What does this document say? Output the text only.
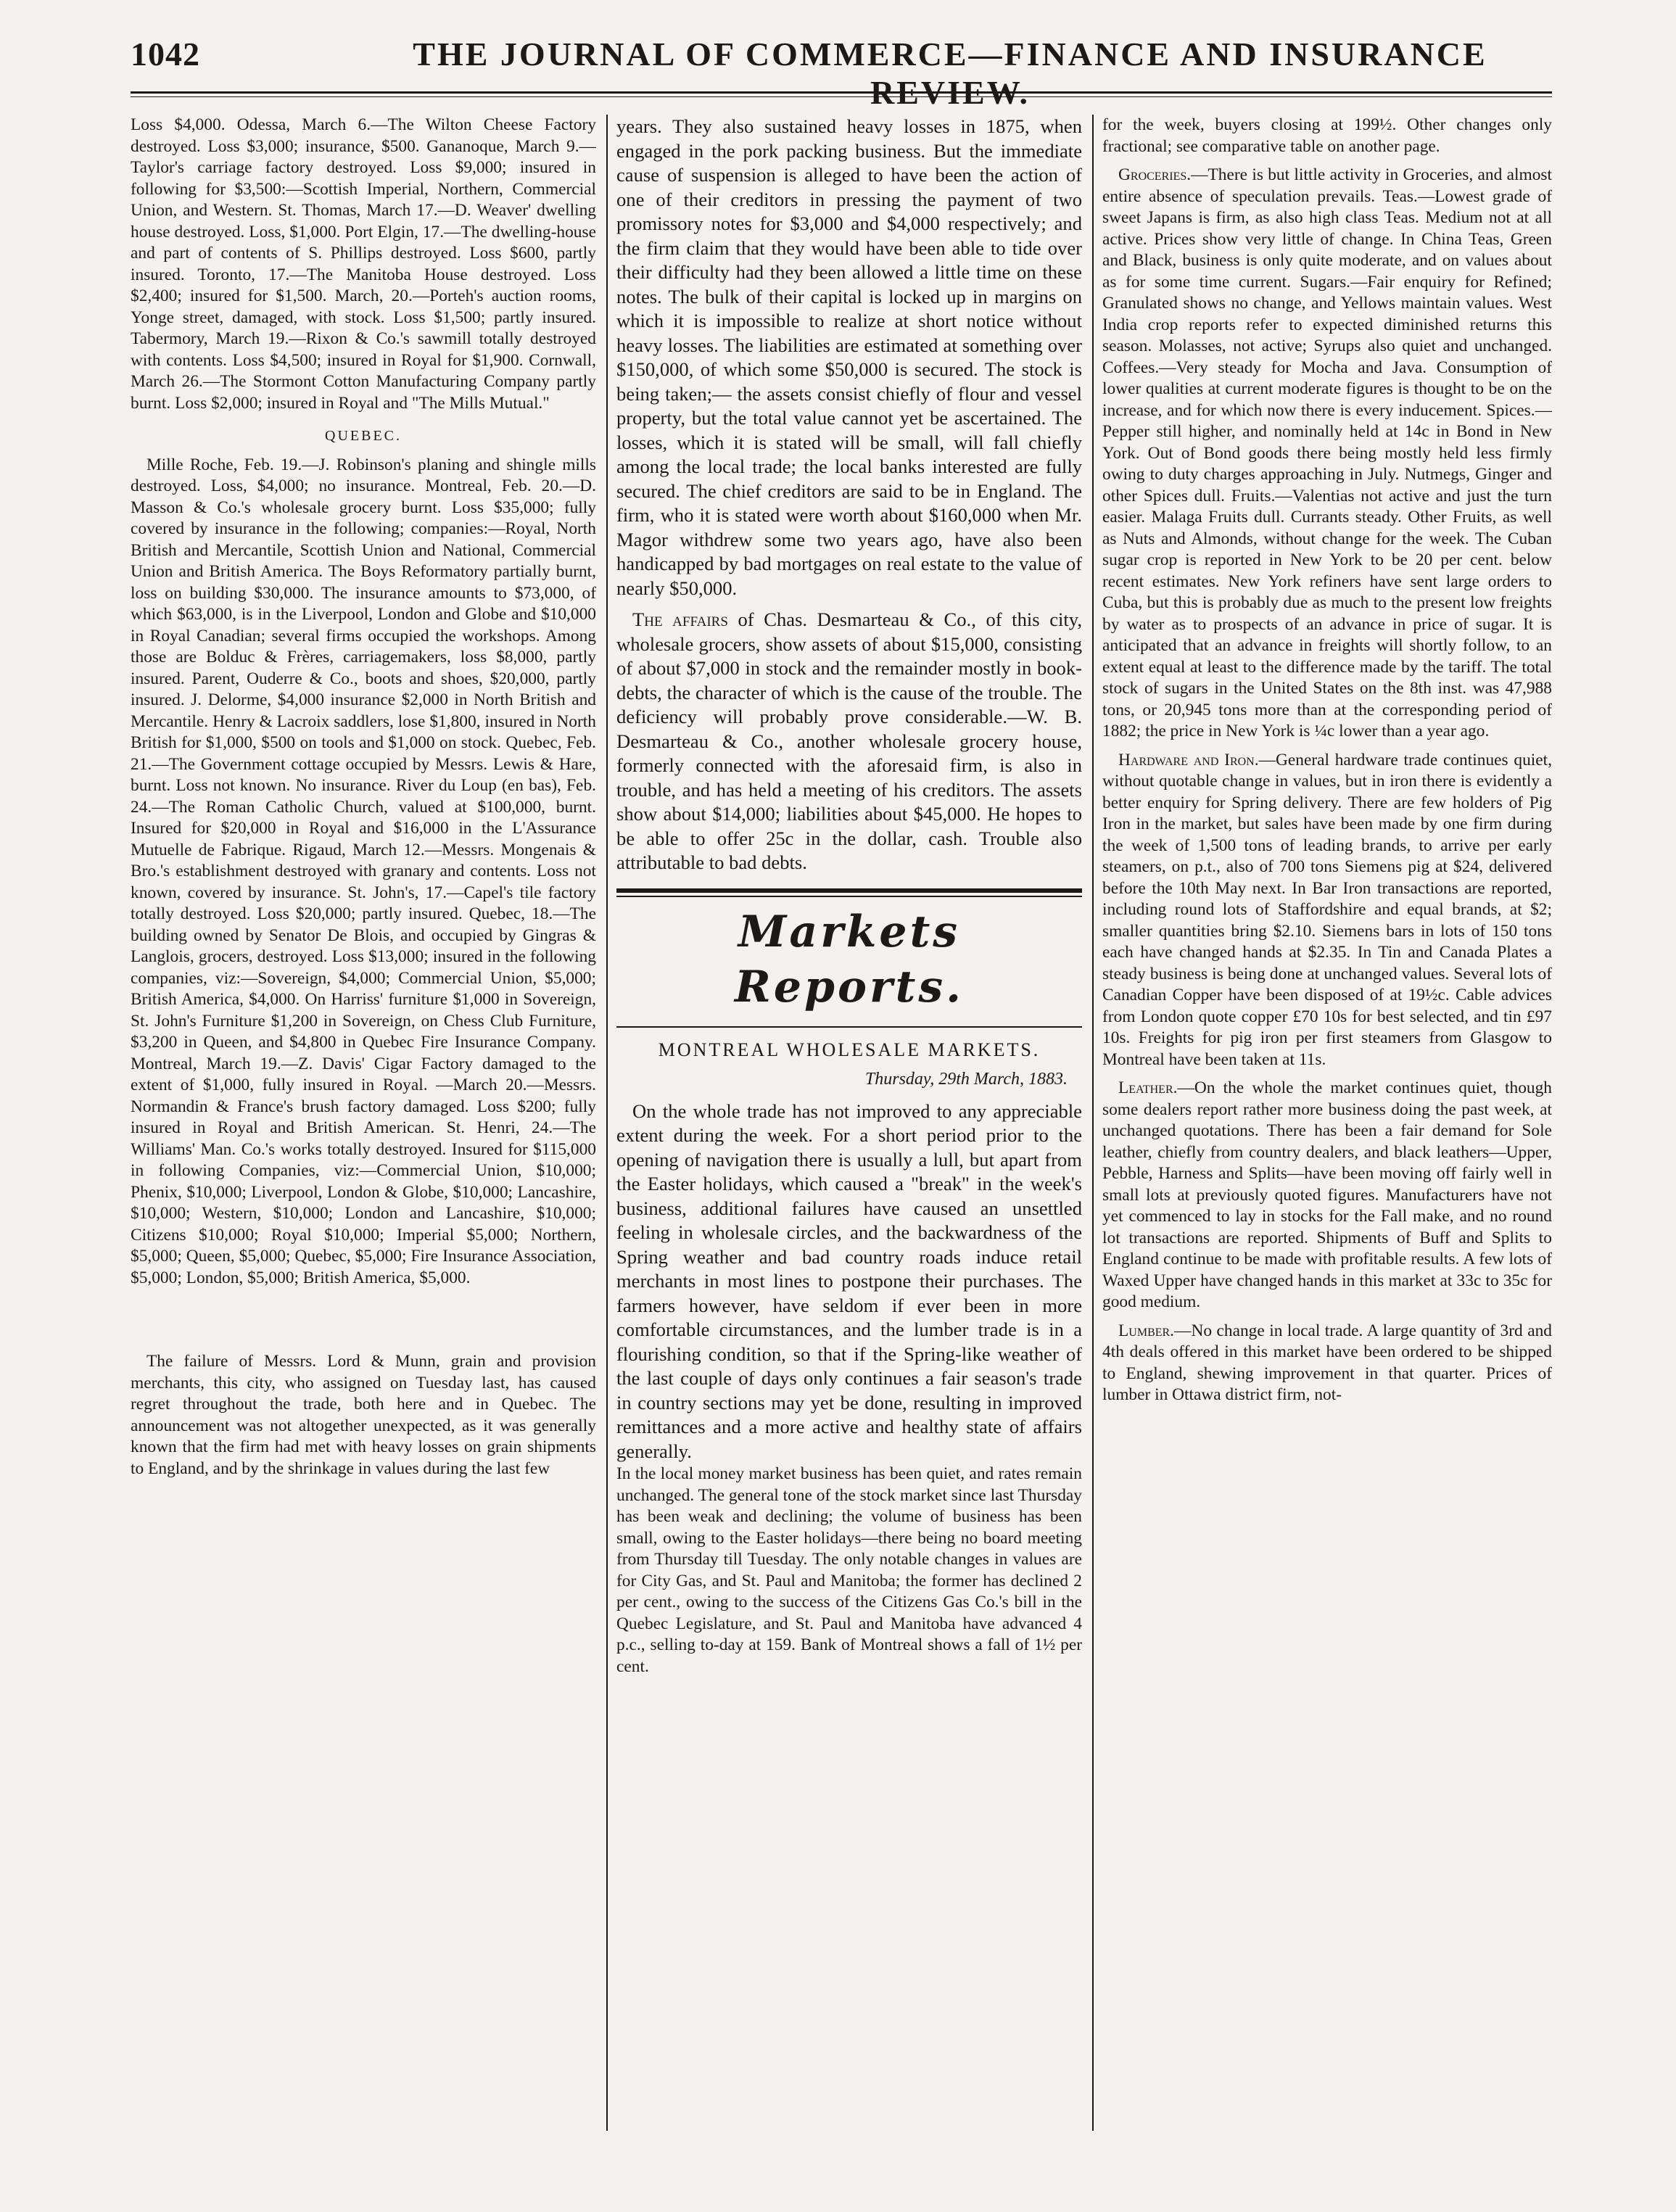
1042	THE JOURNAL OF COMMERCE—FINANCE AND INSURANCE

Loss $4,000. Odessa, March 6.—The Wilton Cheese Factory destroyed. Loss $3,000; insurance, $500. Gananoque, March 9.—Taylor's carriage factory destroyed. Loss $9,000; insured in following for $3,500:—Scottish Imperial, Northern, Commercial Union, and Western. St. Thomas, March 17.—D. Weaver' dwelling house destroyed. Loss, $1,000. Port Elgin, 17.—The dwelling-house and part of contents of S. Phillips destroyed. Loss $600, partly insured. Toronto, 17.—The Manitoba House destroyed. Loss $2,400; insured for $1,500. March, 20.—Porteh's auction rooms, Yonge street, damaged, with stock. Loss $1,500; partly insured. Tabermory, March 19.—Rixon & Co.'s sawmill totally destroyed with contents. Loss $4,500; insured in Royal for $1,900. Cornwall, March 26.—The Stormont Cotton Manufacturing Company partly burnt. Loss $2,000; insured in Royal and "The Mills Mutual."

QUEBEC.

Mille Roche, Feb. 19.—J. Robinson's planing and shingle mills destroyed. Loss, $4,000; no insurance. Montreal, Feb. 20.—D. Masson & Co.'s wholesale grocery burnt. Loss $35,000; fully covered by insurance in the following; companies:—Royal, North British and Mercantile, Scottish Union and National, Commercial Union and British America. The Boys Reformatory partially burnt, loss on building $30,000. The insurance amounts to $73,000, of which $63,000, is in the Liverpool, London and Globe and $10,000 in Royal Canadian; several firms occupied the workshops. Among those are Bolduc & Frères, carriagemakers, loss $8,000, partly insured. Parent, Ouderre & Co., boots and shoes, $20,000, partly insured. J. Delorme, $4,000 insurance $2,000 in North British and Mercantile. Henry & Lacroix saddlers, lose $1,800, insured in North British for $1,000, $500 on tools and $1,000 on stock. Quebec, Feb. 21.—The Government cottage occupied by Messrs. Lewis & Hare, burnt. Loss not known. No insurance. River du Loup (en bas), Feb. 24.—The Roman Catholic Church, valued at $100,000, burnt. Insured for $20,000 in Royal and $16,000 in the L'Assurance Mutuelle de Fabrique. Rigaud, March 12.—Messrs. Mongenais & Bro.'s establishment destroyed with granary and contents. Loss not known, covered by insurance. St. John's, 17.—Capel's tile factory totally destroyed. Loss $20,000; partly insured. Quebec, 18.—The building owned by Senator De Blois, and occupied by Gingras & Langlois, grocers, destroyed. Loss $13,000; insured in the following companies, viz:—Sovereign, $4,000; Commercial Union, $5,000; British America, $4,000. On Harriss' furniture $1,000 in Sovereign, St. John's Furniture $1,200 in Sovereign, on Chess Club Furniture, $3,200 in Queen, and $4,800 in Quebec Fire Insurance Company. Montreal, March 19.—Z. Davis' Cigar Factory damaged to the extent of $1,000, fully insured in Royal. —March 20.—Messrs. Normandin & France's brush factory damaged. Loss $200; fully insured in Royal and British American. St. Henri, 24.—The Williams' Man. Co.'s works totally destroyed. Insured for $115,000 in following Companies, viz:—Commercial Union, $10,000; Phenix, $10,000; Liverpool, London & Globe, $10,000; Lancashire, $10,000; Western, $10,000; London and Lancashire, $10,000; Citizens $10,000; Royal $10,000; Imperial $5,000; Northern, $5,000; Queen, $5,000; Quebec, $5,000; Fire Insurance Association, $5,000; London, $5,000; British America, $5,000.

The failure of Messrs. Lord & Munn, grain and provision merchants, this city, who assigned on Tuesday last, has caused regret throughout the trade, both here and in Quebec. The announcement was not altogether unexpected, as it was generally known that the firm had met with heavy losses on grain shipments to England, and by the shrinkage in values during the last few

years. They also sustained heavy losses in 1875, when engaged in the pork packing business. But the immediate cause of suspension is alleged to have been the action of one of their creditors in pressing the payment of two promissory notes for $3,000 and $4,000 respectively; and the firm claim that they would have been able to tide over their difficulty had they been allowed a little time on these notes. The bulk of their capital is locked up in margins on which it is impossible to realize at short notice without heavy losses. The liabilities are estimated at something over $150,000, of which some $50,000 is secured. The stock is being taken;— the assets consist chiefly of flour and vessel property, but the total value cannot yet be ascertained. The losses, which it is stated will be small, will fall chiefly among the local trade; the local banks interested are fully secured. The chief creditors are said to be in England. The firm, who it is stated were worth about $160,000 when Mr. Magor withdrew some two years ago, have also been handicapped by bad mortgages on real estate to the value of nearly $50,000.

The affairs of Chas. Desmarteau & Co., of this city, wholesale grocers, show assets of about $15,000, consisting of about $7,000 in stock and the remainder mostly in book-debts, the character of which is the cause of the trouble. The deficiency will probably prove considerable.—W. B. Desmarteau & Co., another wholesale grocery house, formerly connected with the aforesaid firm, is also in trouble, and has held a meeting of his creditors. The assets show about $14,000; liabilities about $45,000. He hopes to be able to offer 25c in the dollar, cash. Trouble also attributable to bad debts.

Markets Reports.
MONTREAL WHOLESALE MARKETS.
Thursday, 29th March, 1883.

On the whole trade has not improved to any appreciable extent during the week. For a short period prior to the opening of navigation there is usually a lull, but apart from the Easter holidays, which caused a "break" in the week's business, additional failures have caused an unsettled feeling in wholesale circles, and the backwardness of the Spring weather and bad country roads induce retail merchants in most lines to postpone their purchases. The farmers however, have seldom if ever been in more comfortable circumstances, and the lumber trade is in a flourishing condition, so that if the Spring-like weather of the last couple of days only continues a fair season's trade in country sections may yet be done, resulting in improved remittances and a more active and healthy state of affairs generally.

In the local money market business has been quiet, and rates remain unchanged. The general tone of the stock market since last Thursday has been weak and declining; the volume of business has been small, owing to the Easter holidays—there being no board meeting from Thursday till Tuesday. The only notable changes in values are for City Gas, and St. Paul and Manitoba; the former has declined 2 per cent., owing to the success of the Citizens Gas Co.'s bill in the Quebec Legislature, and St. Paul and Manitoba have advanced 4 p.c., selling to-day at 159. Bank of Montreal shows a fall of 1½ per cent.

for the week, buyers closing at 199½. Other changes only fractional; see comparative table on another page.

Groceries.—There is but little activity in Groceries, and almost entire absence of speculation prevails. Teas.—Lowest grade of sweet Japans is firm, as also high class Teas. Medium not at all active. Prices show very little of change. In China Teas, Green and Black, business is only quite moderate, and on values about as for some time current. Sugars.—Fair enquiry for Refined; Granulated shows no change, and Yellows maintain values. West India crop reports refer to expected diminished returns this season. Molasses, not active; Syrups also quiet and unchanged. Coffees.—Very steady for Mocha and Java. Consumption of lower qualities at current moderate figures is thought to be on the increase, and for which now there is every inducement. Spices.—Pepper still higher, and nominally held at 14c in Bond in New York. Out of Bond goods there being mostly held less firmly owing to duty charges approaching in July. Nutmegs, Ginger and other Spices dull. Fruits.—Valentias not active and just the turn easier. Malaga Fruits dull. Currants steady. Other Fruits, as well as Nuts and Almonds, without change for the week. The Cuban sugar crop is reported in New York to be 20 per cent. below recent estimates. New York refiners have sent large orders to Cuba, but this is probably due as much to the present low freights by water as to prospects of an advance in price of sugar. It is anticipated that an advance in freights will shortly follow, to an extent equal at least to the difference made by the tariff. The total stock of sugars in the United States on the 8th inst. was 47,988 tons, or 20,945 tons more than at the corresponding period of 1882; the price in New York is ¼c lower than a year ago.

Hardware and Iron.—General hardware trade continues quiet, without quotable change in values, but in iron there is evidently a better enquiry for Spring delivery. There are few holders of Pig Iron in the market, but sales have been made by one firm during the week of 1,500 tons of leading brands, to arrive per early steamers, on p.t., also of 700 tons Siemens pig at $24, delivered before the 10th May next. In Bar Iron transactions are reported, including round lots of Staffordshire and equal brands, at $2; smaller quantities bring $2.10. Siemens bars in lots of 150 tons each have changed hands at $2.35. In Tin and Canada Plates a steady business is being done at unchanged values. Several lots of Canadian Copper have been disposed of at 19½c. Cable advices from London quote copper £70 10s for best selected, and tin £97 10s. Freights for pig iron per first steamers from Glasgow to Montreal have been taken at 11s.

Leather.—On the whole the market continues quiet, though some dealers report rather more business doing the past week, at unchanged quotations. There has been a fair demand for Sole leather, chiefly from country dealers, and black leathers—Upper, Pebble, Harness and Splits—have been moving off fairly well in small lots at previously quoted figures. Manufacturers have not yet commenced to lay in stocks for the Fall make, and no round lot transactions are reported. Shipments of Buff and Splits to England continue to be made with profitable results. A few lots of Waxed Upper have changed hands in this market at 33c to 35c for good medium.

Lumber.—No change in local trade. A large quantity of 3rd and 4th deals offered in this market have been ordered to be shipped to England, shewing improvement in that quarter. Prices of lumber in Ottawa district firm, not-
